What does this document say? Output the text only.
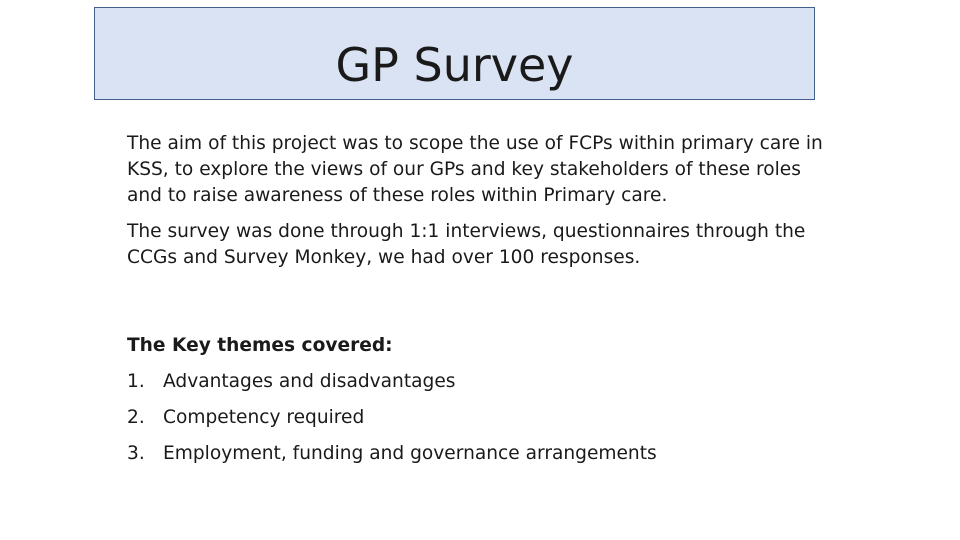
GP Survey

The aim of this project was to scope the use of FCPs within primary care in KSS, to explore the views of our GPs and key stakeholders of these roles and to raise awareness of these roles within Primary care.

The survey was done through 1:1 interviews, questionnaires through the CCGs and Survey Monkey, we had over 100 responses.

The Key themes covered:

1. Advantages and disadvantages
2. Competency required
3. Employment, funding and governance arrangements
